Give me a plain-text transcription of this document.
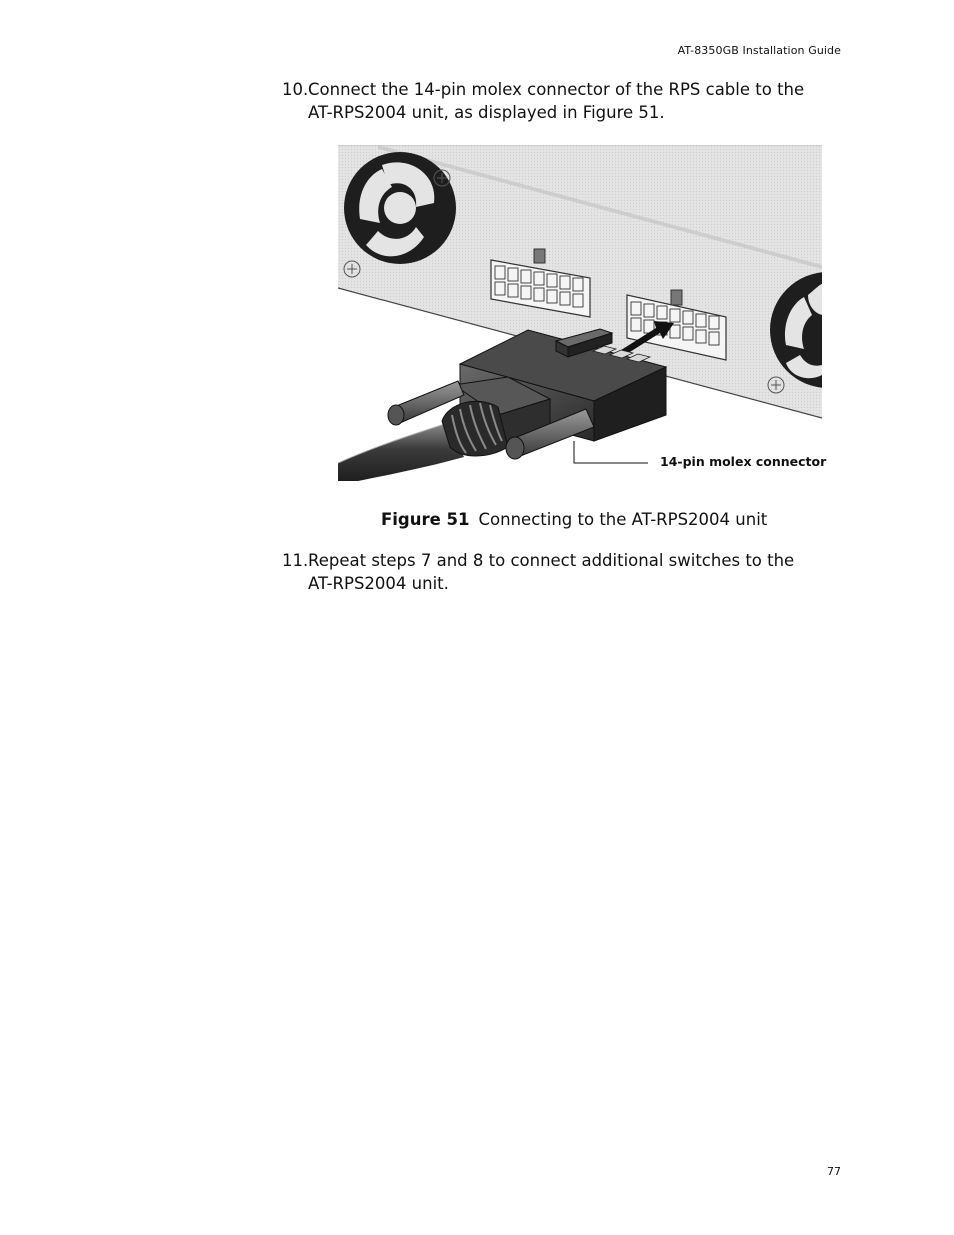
AT-8350GB Installation Guide
10. Connect the 14-pin molex connector of the RPS cable to the
AT-RPS2004 unit, as displayed in Figure 51.
14-pin molex connector
Figure 51 Connecting to the AT-RPS2004 unit
11. Repeat steps 7 and 8 to connect additional switches to the
AT-RPS2004 unit.
77
